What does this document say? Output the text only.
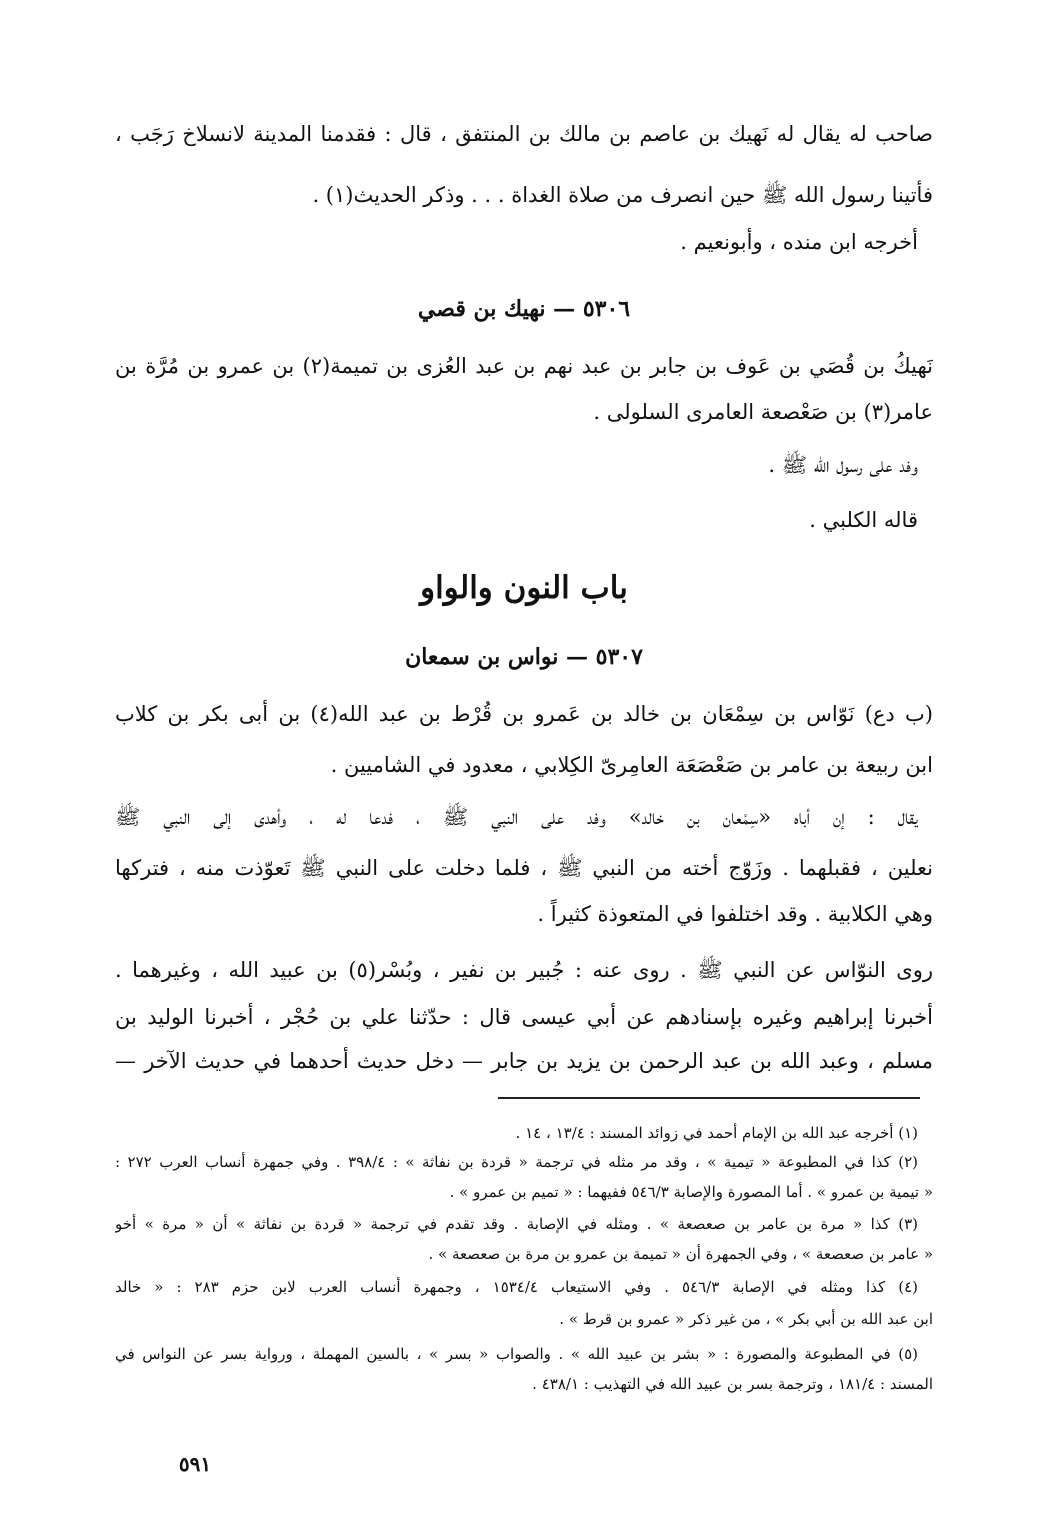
صاحب له يقال له نَهيك بن عاصم بن مالك بن المنتفق ، قال : فقدمنا المدينة لانسلاخ رَجَب ،
فأتينا رسول الله ﷺ حين انصرف من صلاة الغداة . . . وذكر الحديث(١) .
أخرجه ابن منده ، وأبونعيم .
٥٣٠٦ — نهيك بن قصي
نَهيكُ بن قُصَي بن عَوف بن جابر بن عبد نهم بن عبد العُزى بن تميمة(٢) بن عمرو بن مُرَّة بن
عامر(٣) بن صَعْصعة العامرى السلولى .
وفد على رسول الله ﷺ .
قاله الكلبي .
باب النون والواو
٥٣٠٧ — نواس بن سمعان
(ب دع) نَوّاس بن سِمْعَان بن خالد بن عَمرو بن قُرْط بن عبد الله(٤) بن أبى بكر بن كلاب
ابن ربيعة بن عامر بن صَعْصَعَة العامِرىّ الكِلابي ، معدود في الشاميين .
يقال : إن أباه «سِمْعان بن خالد» وفد على النبي ﷺ ، فدعا له ، وأهدى إلى النبي ﷺ
نعلين ، فقبلهما . وزَوّج أخته من النبي ﷺ ، فلما دخلت على النبي ﷺ تَعوّذت منه ، فتركها
وهي الكلابية . وقد اختلفوا في المتعوذة كثيراً .
روى النوّاس عن النبي ﷺ . روى عنه : جُبير بن نفير ، وبُسْر(٥) بن عبيد الله ، وغيرهما .
أخبرنا إبراهيم وغيره بإسنادهم عن أبي عيسى قال : حدّثنا علي بن حُجْر ، أخبرنا الوليد بن
مسلم ، وعبد الله بن عبد الرحمن بن يزيد بن جابر — دخل حديث أحدهما في حديث الآخر —
(١) أخرجه عبد الله بن الإمام أحمد في زوائد المسند : ١٣/٤ ، ١٤ .
(٢) كذا في المطبوعة « تيمية » ، وقد مر مثله في ترجمة « قردة بن نفاثة » : ٣٩٨/٤ . وفي جمهرة أنساب العرب ٢٧٢ :
« تيمية بن عمرو » . أما المصورة والإصابة ٥٤٦/٣ ففيهما : « تميم بن عمرو » .
(٣) كذا « مرة بن عامر بن صعصعة » . ومثله في الإصابة . وقد تقدم في ترجمة « قردة بن نفاثة » أن « مرة » أخو
« عامر بن صعصعة » ، وفي الجمهرة أن « تميمة بن عمرو بن مرة بن صعصعة » .
(٤) كذا ومثله في الإصابة ٥٤٦/٣ . وفي الاستيعاب ١٥٣٤/٤ ، وجمهرة أنساب العرب لابن حزم ٢٨٣ : « خالد
ابن عبد الله بن أبي بكر » ، من غير ذكر « عمرو بن قرط » .
(٥) في المطبوعة والمصورة : « بشر بن عبيد الله » . والصواب « بسر » ، بالسين المهملة ، ورواية بسر عن النواس في
المسند : ١٨١/٤ ، وترجمة بسر بن عبيد الله في التهذيب : ٤٣٨/١ .
٥٩١
